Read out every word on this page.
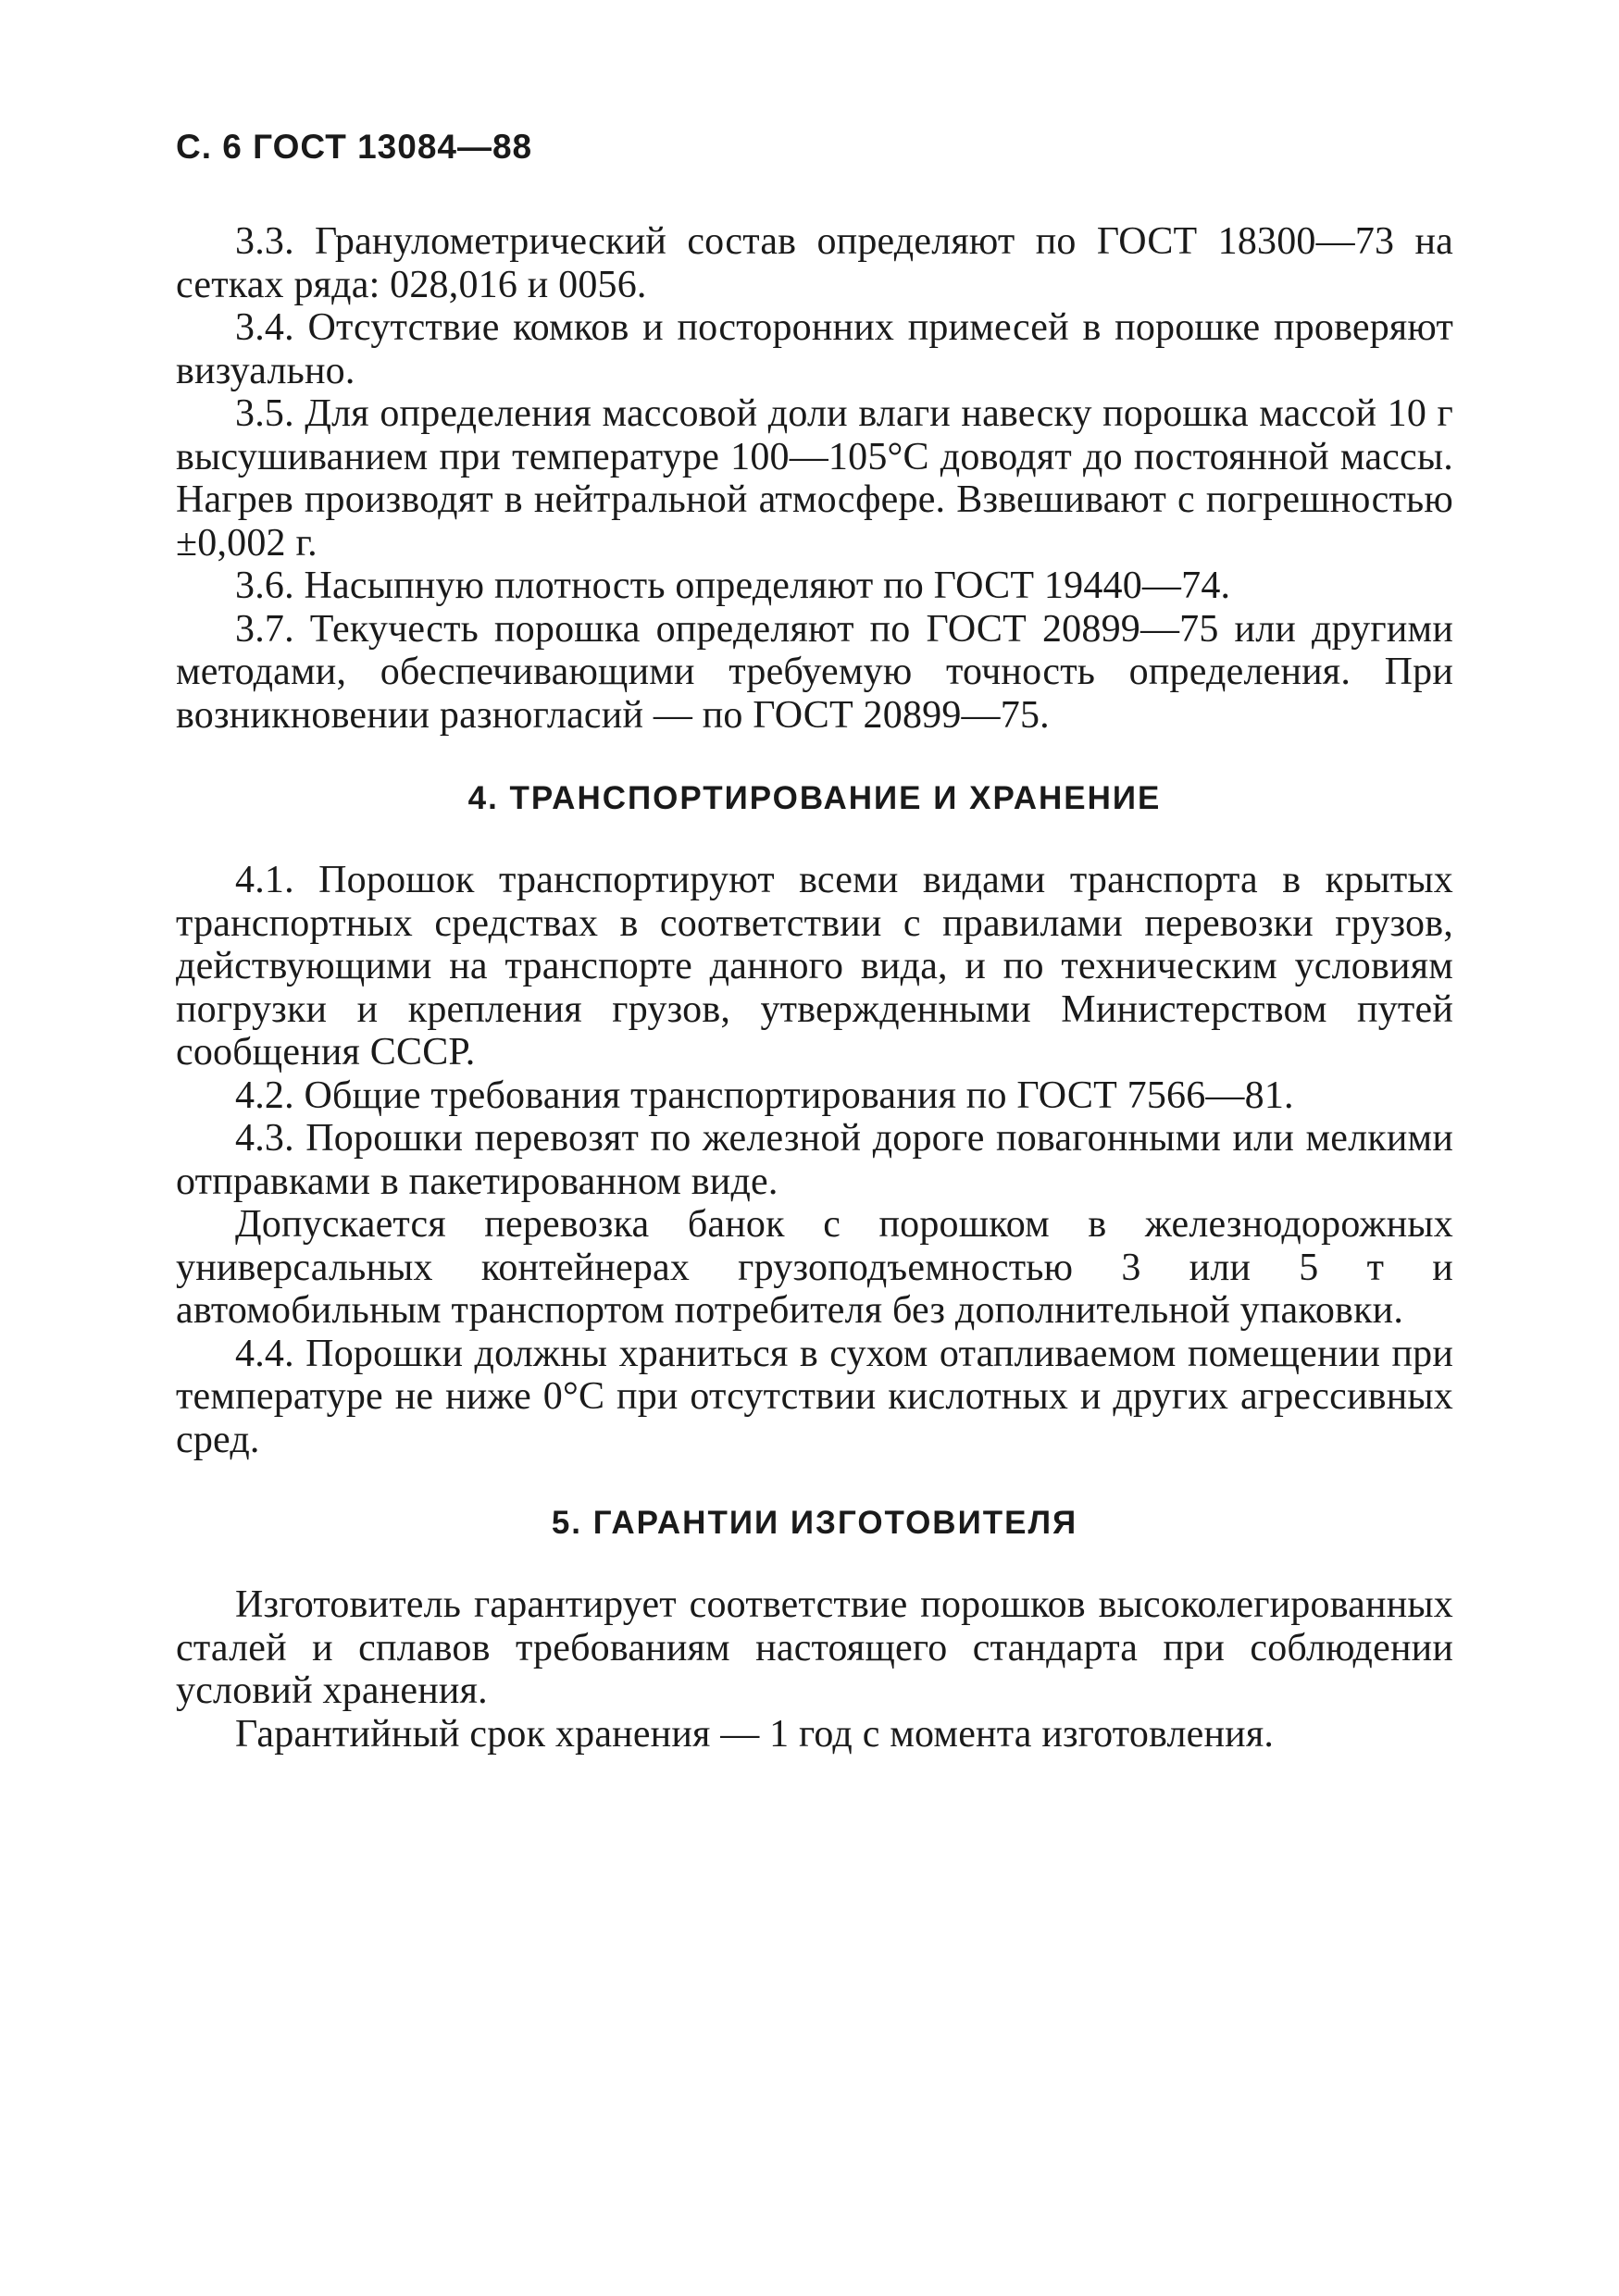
С. 6 ГОСТ 13084—88

3.3. Гранулометрический состав определяют по ГОСТ 18300—73 на сетках ряда: 028,016 и 0056.

3.4. Отсутствие комков и посторонних примесей в порошке проверяют визуально.

3.5. Для определения массовой доли влаги навеску порошка массой 10 г высушиванием при температуре 100—105°С доводят до постоянной массы. Нагрев производят в нейтральной атмосфере. Взвешивают с погрешностью ±0,002 г.

3.6. Насыпную плотность определяют по ГОСТ 19440—74.

3.7. Текучесть порошка определяют по ГОСТ 20899—75 или другими методами, обеспечивающими требуемую точность определения. При возникновении разногласий — по ГОСТ 20899—75.

4. ТРАНСПОРТИРОВАНИЕ И ХРАНЕНИЕ

4.1. Порошок транспортируют всеми видами транспорта в крытых транспортных средствах в соответствии с правилами перевозки грузов, действующими на транспорте данного вида, и по техническим условиям погрузки и крепления грузов, утвержденными Министерством путей сообщения СССР.

4.2. Общие требования транспортирования по ГОСТ 7566—81.

4.3. Порошки перевозят по железной дороге повагонными или мелкими отправками в пакетированном виде.

Допускается перевозка банок с порошком в железнодорожных универсальных контейнерах грузоподъемностью 3 или 5 т и автомобильным транспортом потребителя без дополнительной упаковки.

4.4. Порошки должны храниться в сухом отапливаемом помещении при температуре не ниже 0°С при отсутствии кислотных и других агрессивных сред.

5. ГАРАНТИИ ИЗГОТОВИТЕЛЯ

Изготовитель гарантирует соответствие порошков высоколегированных сталей и сплавов требованиям настоящего стандарта при соблюдении условий хранения.

Гарантийный срок хранения — 1 год с момента изготовления.
